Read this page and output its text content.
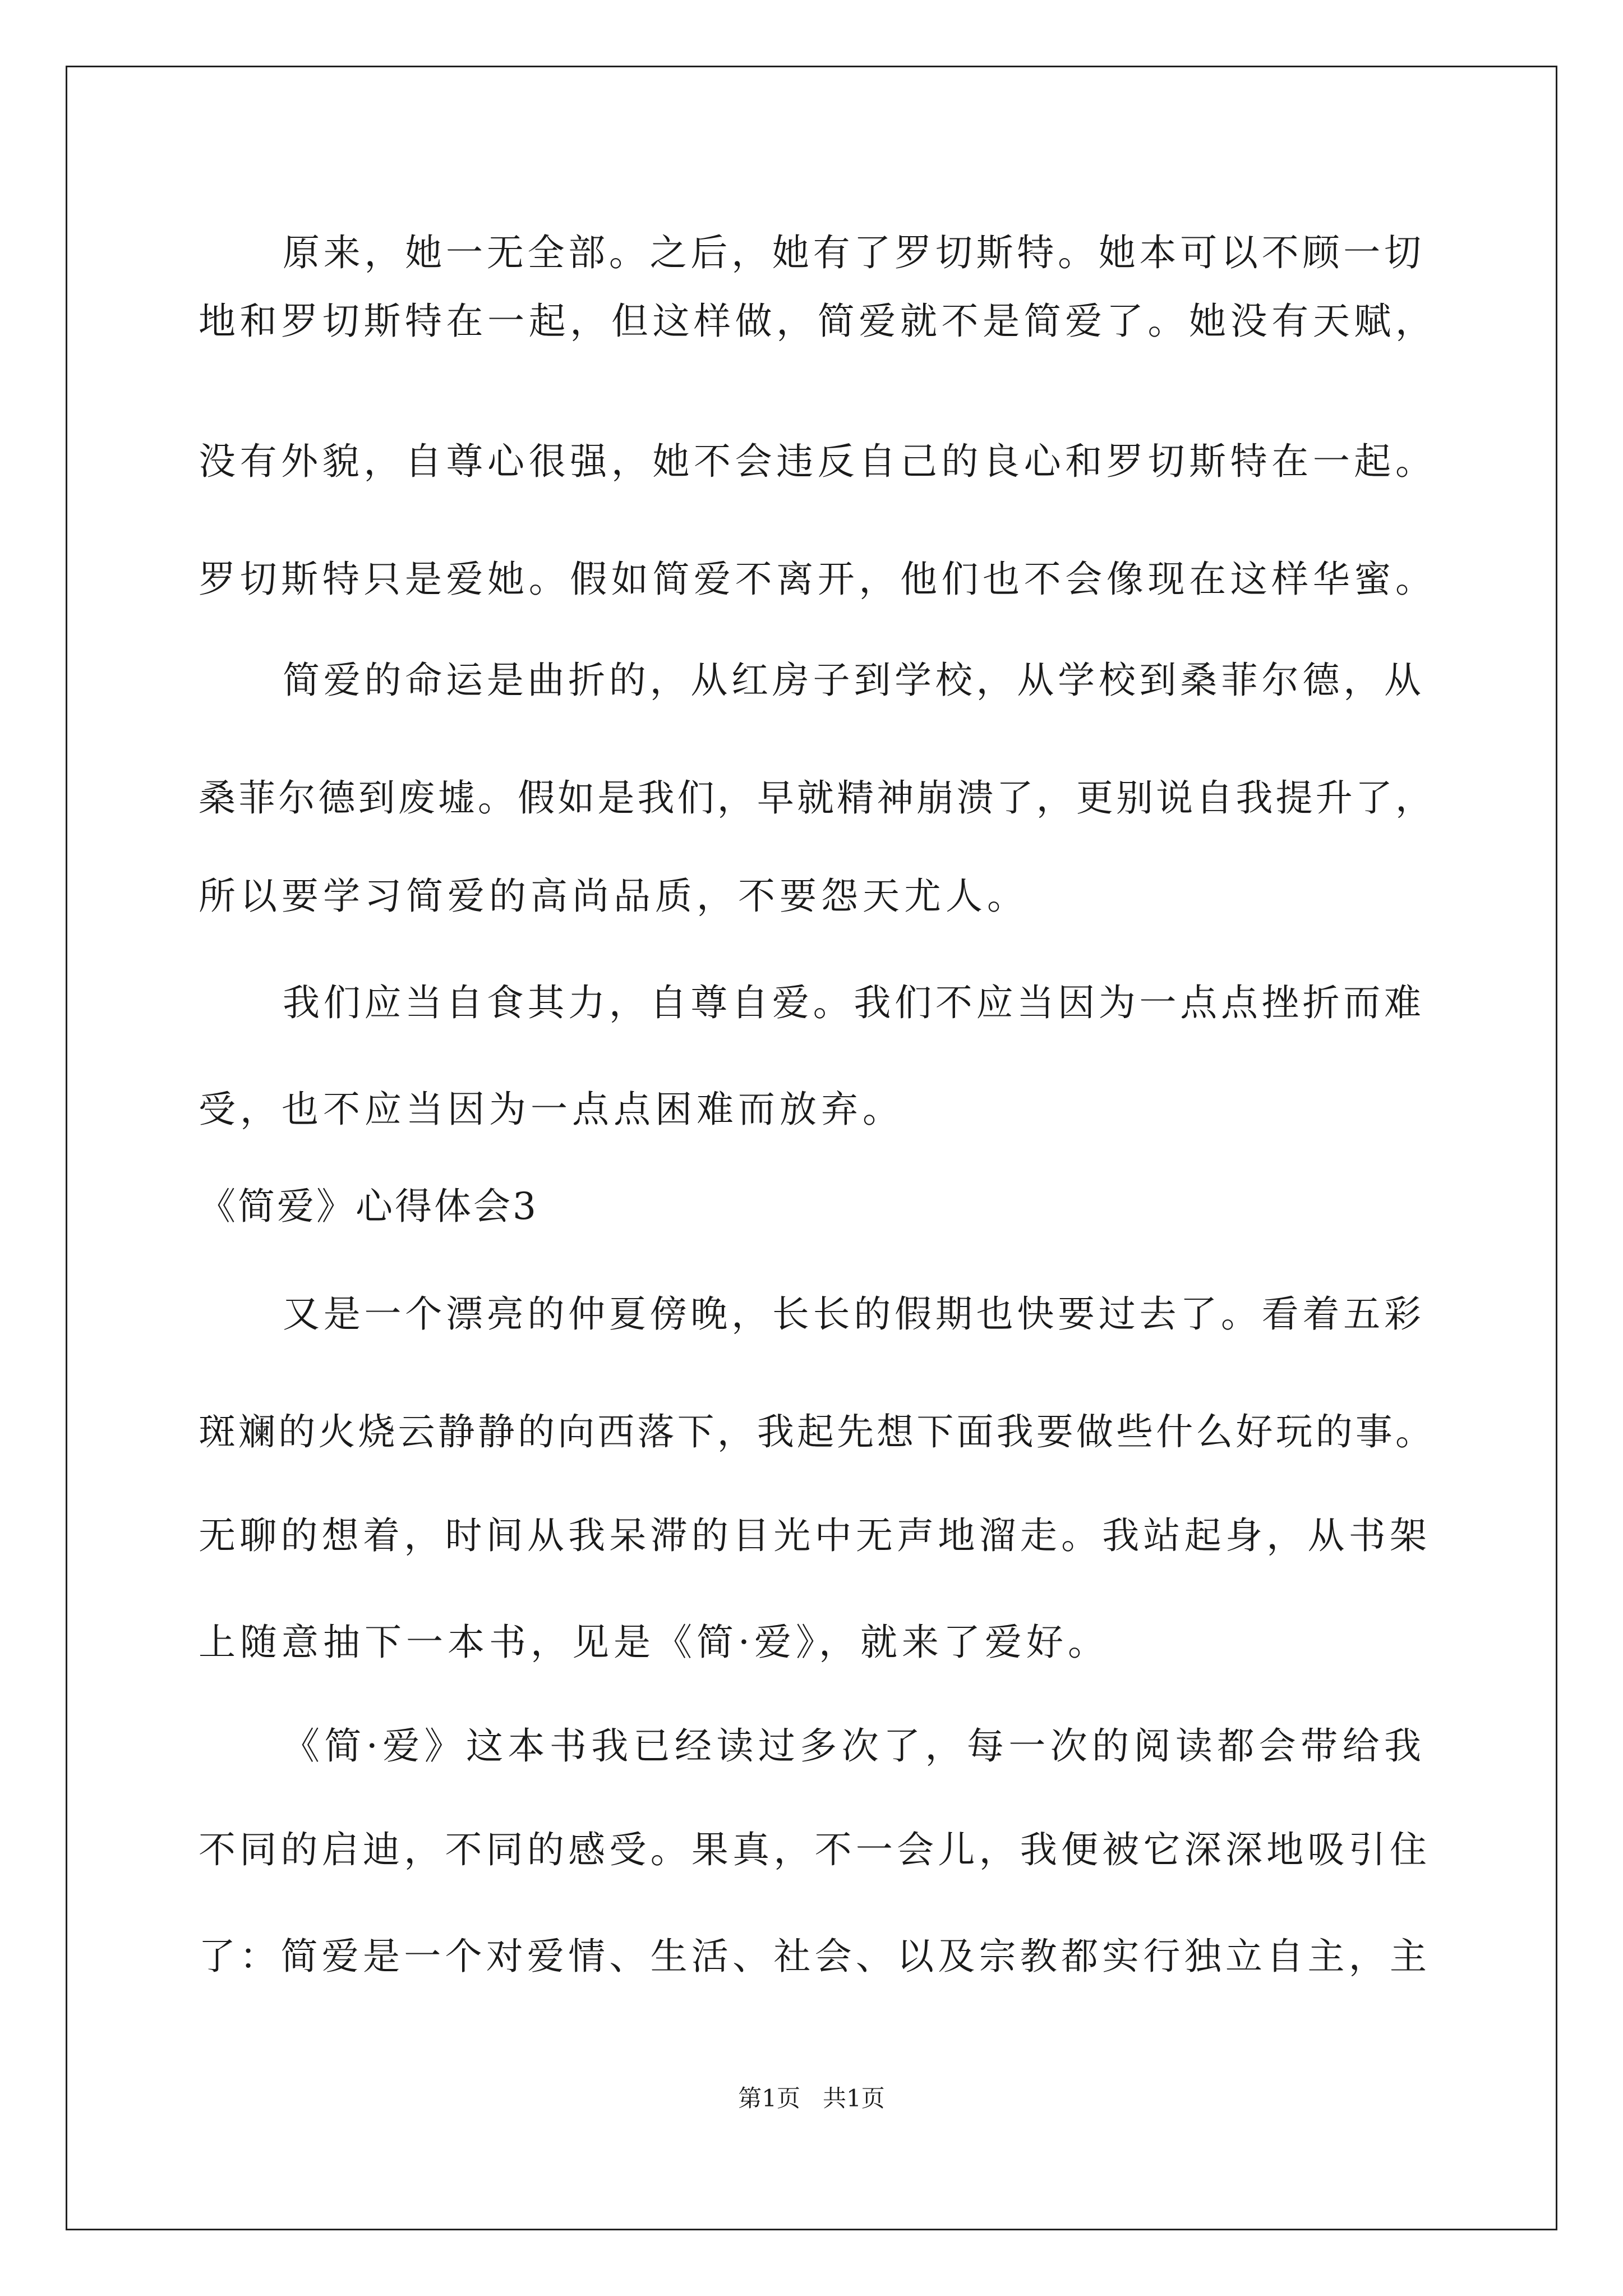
原来，她一无全部。之后，她有了罗切斯特。她本可以不顾一切
地和罗切斯特在一起，但这样做，简爱就不是简爱了。她没有天赋，
没有外貌，自尊心很强，她不会违反自己的良心和罗切斯特在一起。
罗切斯特只是爱她。假如简爱不离开，他们也不会像现在这样华蜜。
简爱的命运是曲折的，从红房子到学校，从学校到桑菲尔德，从
桑菲尔德到废墟。假如是我们，早就精神崩溃了，更别说自我提升了，
所以要学习简爱的高尚品质，不要怨天尤人。
我们应当自食其力，自尊自爱。我们不应当因为一点点挫折而难
受，也不应当因为一点点困难而放弃。
《简爱》心得体会3
又是一个漂亮的仲夏傍晚，长长的假期也快要过去了。看着五彩
斑斓的火烧云静静的向西落下，我起先想下面我要做些什么好玩的事。
无聊的想着，时间从我呆滞的目光中无声地溜走。我站起身，从书架
上随意抽下一本书，见是《简·爱》，就来了爱好。
《简·爱》这本书我已经读过多次了，每一次的阅读都会带给我
不同的启迪，不同的感受。果真，不一会儿，我便被它深深地吸引住
了：简爱是一个对爱情、生活、社会、以及宗教都实行独立自主，主
第1页   共1页
